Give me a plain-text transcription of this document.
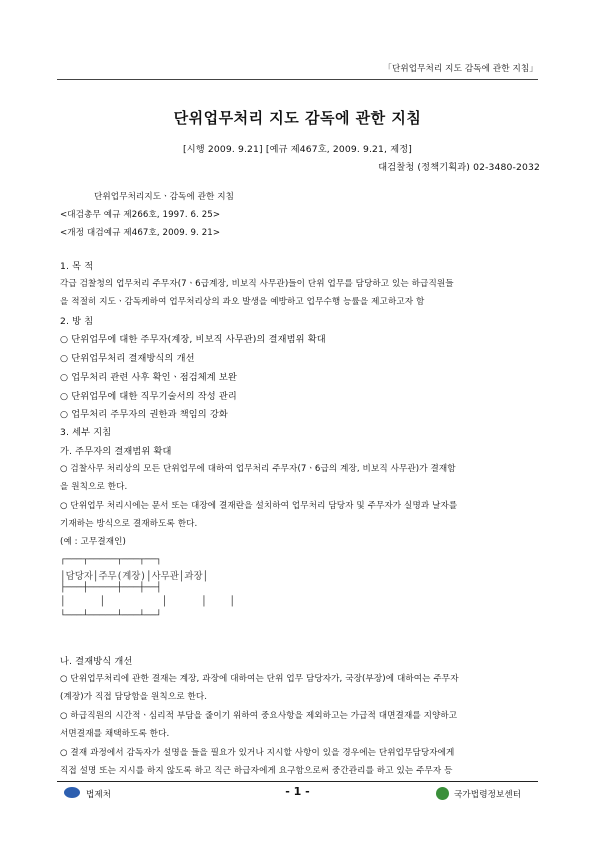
「단위업무처리 지도 감독에 관한 지침」
단위업무처리 지도 감독에 관한 지침
[시행 2009. 9.21] [예규 제467호, 2009. 9.21, 제정]
대검찰청 (정책기획과) 02-3480-2032
단위업무처리지도ㆍ감독에 관한 지침
<대검총무 예규 제266호, 1997. 6. 25>
<개정 대검예규 제467호, 2009. 9. 21>
1. 목 적
각급 검찰청의 업무처리 주무자(7ㆍ6급계장, 비보직 사무관)들이 단위 업무를 담당하고 있는 하급직원들
을 적절히 지도ㆍ감독케하여 업무처리상의 과오 발생을 예방하고 업무수행 능률을 제고하고자 함
2. 방 침
○ 단위업무에 대한 주무자(계장, 비보직 사무관)의 결재범위 확대
○ 단위업무처리 결재방식의 개선
○ 업무처리 관련 사후 확인ㆍ점검체계 보완
○ 단위업무에 대한 직무기술서의 작성 관리
○ 업무처리 주무자의 권한과 책임의 강화
3. 세부 지침
가. 주무자의 결재범위 확대
○ 검찰사무 처리상의 모든 단위업무에 대하여 업무처리 주무자(7ㆍ6급의 계장, 비보직 사무관)가 결재함
을 원칙으로 한다.
○ 단위업무 처리시에는 문서 또는 대장에 결재란을 설치하여 업무처리 담당자 및 주무자가 실명과 날자를
기재하는 방식으로 결재하도록 한다.
(예 : 고무결재인)
┌───┬─────┬───┬──┐
│담당자│주무(계장)│사무관│과장│
├───┼─────┼───┼──┤
│      │          │      │    │
└───┴─────┴───┴──┘
나. 결재방식 개선
○ 단위업무처리에 관한 결재는 계장, 과장에 대하여는 단위 업무 담당자가, 국장(부장)에 대하여는 주무자
(계장)가 직접 담당함을 원칙으로 한다.
○ 하급직원의 시간적ㆍ심리적 부담을 줄이기 위하여 중요사항을 제외하고는 가급적 대면결재를 지양하고
서면결재를 채택하도록 한다.
○ 결재 과정에서 감독자가 설명을 들을 필요가 있거나 지시할 사항이 있을 경우에는 단위업무담당자에게
직접 설명 또는 지시를 하지 않도록 하고 직근 하급자에게 요구함으로써 중간관리를 하고 있는 주무자 등
법제처	- 1 -	국가법령정보센터
